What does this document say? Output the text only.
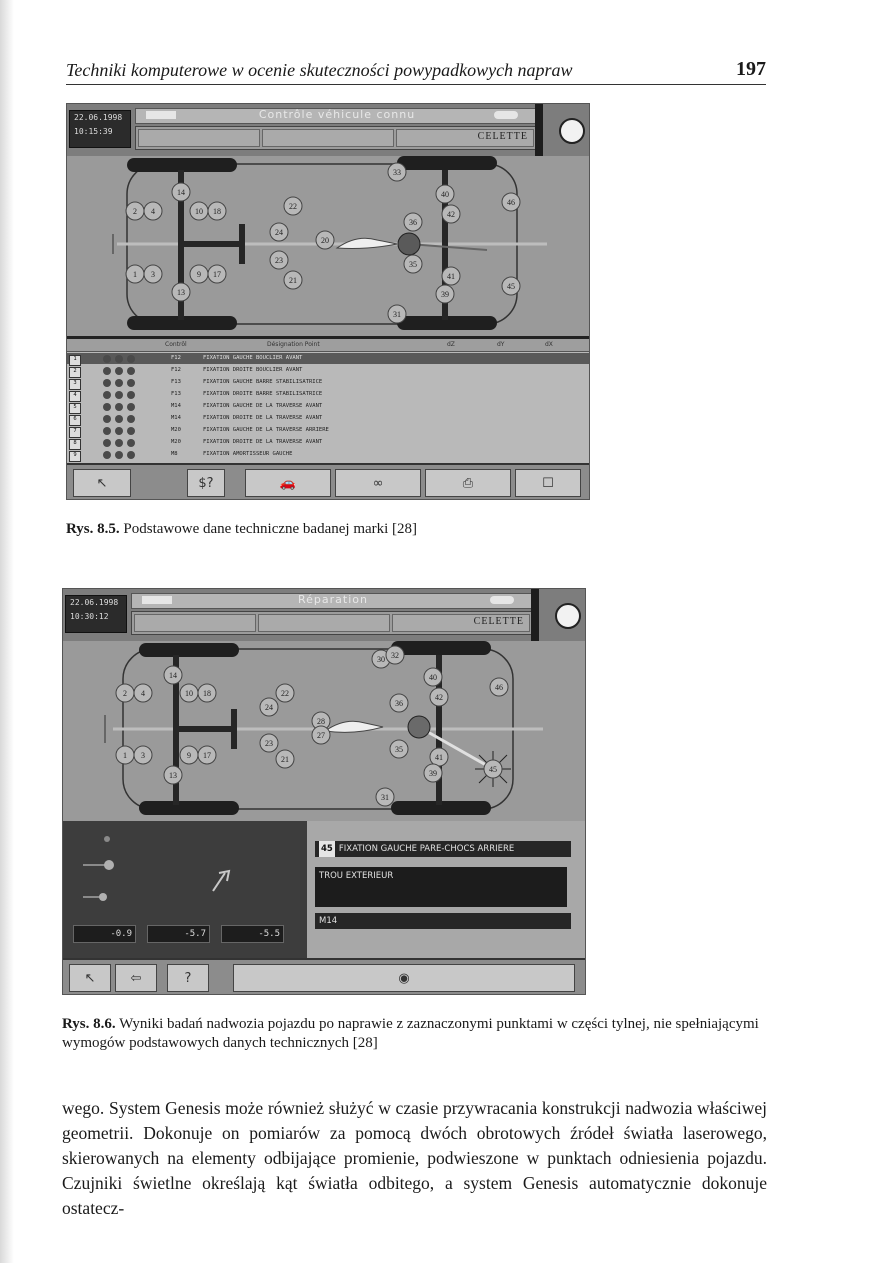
Techniki komputerowe w ocenie skuteczności powypadkowych napraw	197
22.06.1998
10:15:39
Contrôle véhicule connu
CELETTE
2 4
14
10 18
1 3
13
9 17
22
24
23
21
20
36
35
33
31
40
42
46
41
39
45
Contrôl	Désignation Point	dZ	dY	dX
1	F12	FIXATION GAUCHE BOUCLIER AVANT
2	F12	FIXATION DROITE BOUCLIER AVANT
3	F13	FIXATION GAUCHE BARRE STABILISATRICE
4	F13	FIXATION DROITE BARRE STABILISATRICE
5	M14	FIXATION GAUCHE DE LA TRAVERSE AVANT
6	M14	FIXATION DROITE DE LA TRAVERSE AVANT
7	M20	FIXATION GAUCHE DE LA TRAVERSE ARRIERE
8	M20	FIXATION DROITE DE LA TRAVERSE AVANT
9	M8	FIXATION AMORTISSEUR GAUCHE
↖	$?	🚗	∞	⎙	☐
Rys. 8.5. Podstawowe dane techniczne badanej marki [28]
22.06.1998
10:30:12
Réparation
CELETTE
2 4
14
10 18
1 3
13
9 17
22
24
23
21
28
27
36
35
30 32
40
42
46
41
39	45
31
-0.9	-5.7	-5.5
45 FIXATION GAUCHE PARE-CHOCS ARRIERE
TROU EXTERIEUR
M14
↖	⇦	?	◉
Rys. 8.6. Wyniki badań nadwozia pojazdu po naprawie z zaznaczonymi punktami w części tylnej, nie spełniającymi wymogów podstawowych danych technicznych [28]

wego. System Genesis może również służyć w czasie przywracania konstrukcji nadwozia właściwej geometrii. Dokonuje on pomiarów za pomocą dwóch obrotowych źródeł światła laserowego, skierowanych na elementy odbijające promienie, podwieszone w punktach odniesienia pojazdu. Czujniki świetlne określają kąt światła odbitego, a system Genesis automatycznie dokonuje ostatecz-
